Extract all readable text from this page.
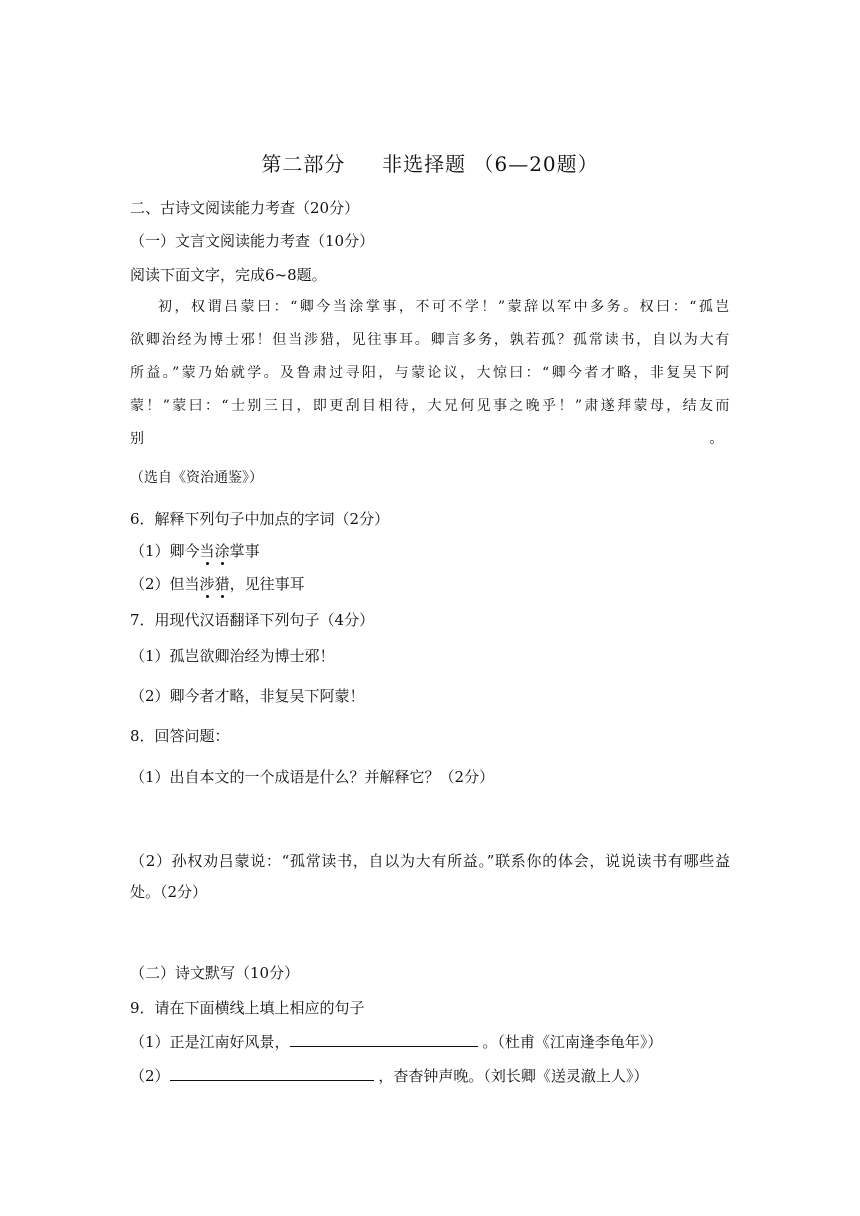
第二部分     非选择题 （6—20题）
二、古诗文阅读能力考查（20分）
（一）文言文阅读能力考查（10分）
阅读下面文字，完成6~8题。

初，权谓吕蒙曰：“卿今当涂掌事，不可不学！”蒙辞以军中多务。权曰：“孤岂

欲卿治经为博士邪！但当涉猎，见往事耳。卿言多务，孰若孤？孤常读书，自以为大有

所益。”蒙乃始就学。及鲁肃过寻阳，与蒙论议，大惊曰：“卿今者才略，非复吴下阿

蒙！”蒙曰：“士别三日，即更刮目相待，大兄何见事之晚乎！”肃遂拜蒙母，结友而

别	。

（选自《资治通鉴》）
6．解释下列句子中加点的字词（2分）
（1）卿今当涂掌事
（2）但当涉猎，见往事耳
7．用现代汉语翻译下列句子（4分）
（1）孤岂欲卿治经为博士邪！
（2）卿今者才略，非复吴下阿蒙！
8．回答问题：
（1）出自本文的一个成语是什么？并解释它？（2分）
（2）孙权劝吕蒙说：“孤常读书，自以为大有所益。”联系你的体会，说说读书有哪些益处。（2分）
（二）诗文默写（10分）
9．请在下面横线上填上相应的句子
（1）正是江南好风景，	。（杜甫《江南逢李龟年》）
（2）	，杳杳钟声晚。（刘长卿《送灵澈上人》）
